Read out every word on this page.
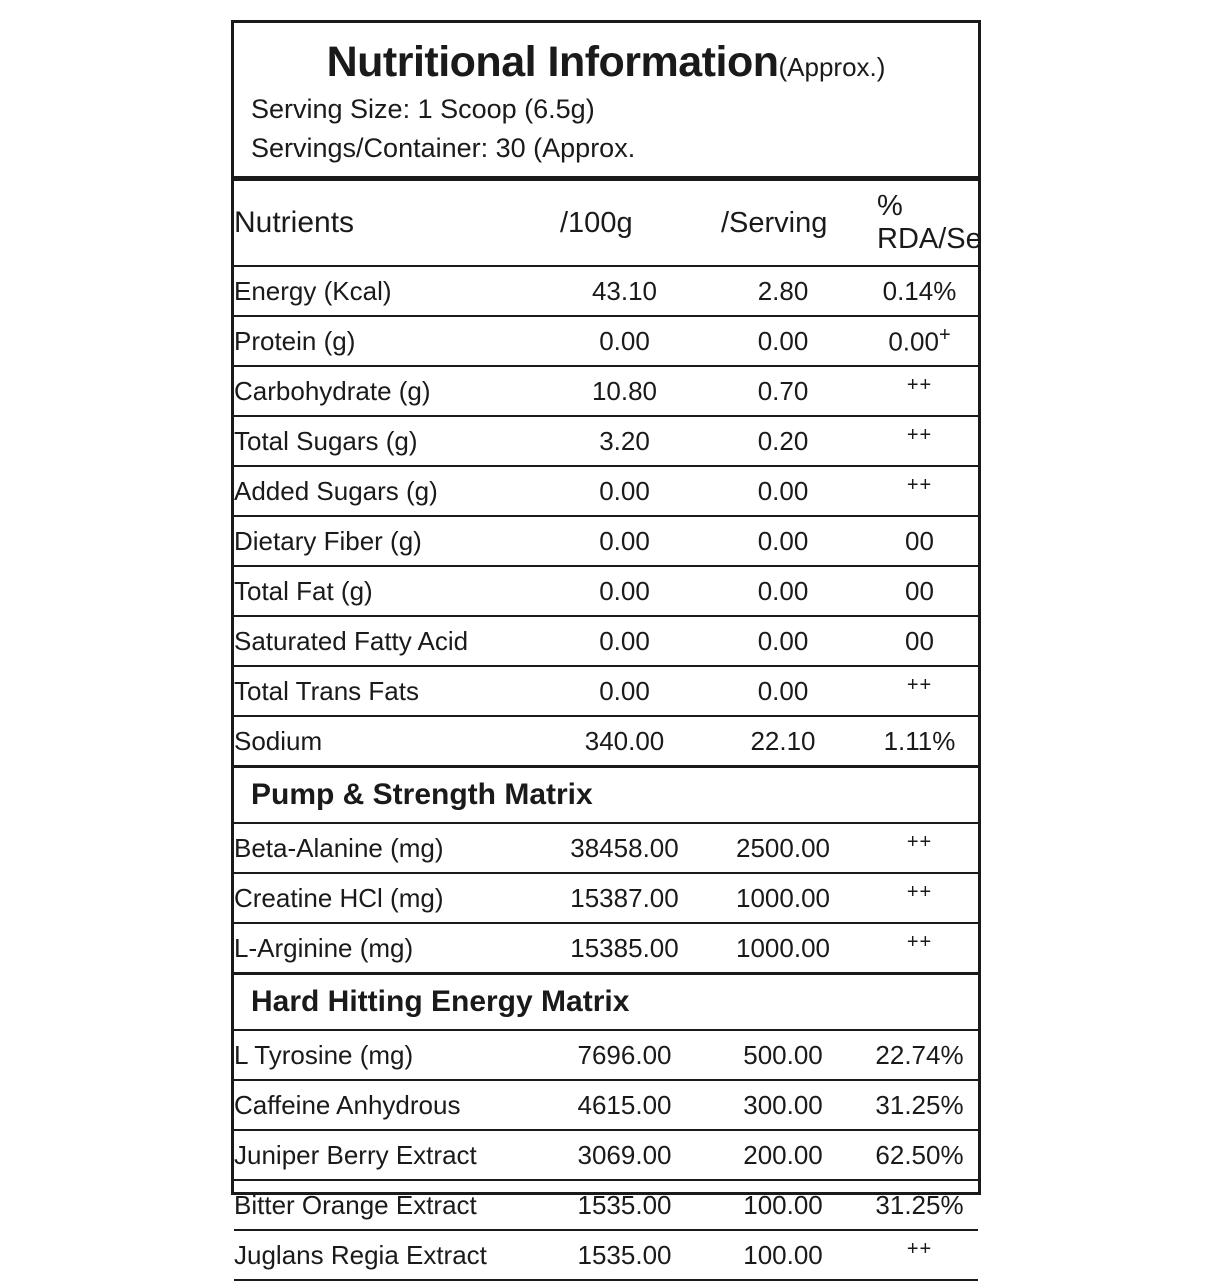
Nutritional Information(Approx.)
Serving Size: 1 Scoop (6.5g)
Servings/Container: 30 (Approx.
Nutrients	/100g	/Serving	% RDA/Se
Energy (Kcal)	43.10	2.80	0.14%
Protein (g)	0.00	0.00	0.00+
Carbohydrate (g)	10.80	0.70	++
Total Sugars (g)	3.20	0.20	++
Added Sugars (g)	0.00	0.00	++
Dietary Fiber (g)	0.00	0.00	00
Total Fat (g)	0.00	0.00	00
Saturated Fatty Acid	0.00	0.00	00
Total Trans Fats	0.00	0.00	++
Sodium	340.00	22.10	1.11%
Pump & Strength Matrix			
Beta-Alanine (mg)	38458.00	2500.00	++
Creatine HCl (mg)	15387.00	1000.00	++
L-Arginine (mg)	15385.00	1000.00	++
Hard Hitting Energy Matrix			
L Tyrosine (mg)	7696.00	500.00	22.74%
Caffeine Anhydrous	4615.00	300.00	31.25%
Juniper Berry Extract	3069.00	200.00	62.50%
Bitter Orange Extract	1535.00	100.00	31.25%
Juglans Regia Extract	1535.00	100.00	++
